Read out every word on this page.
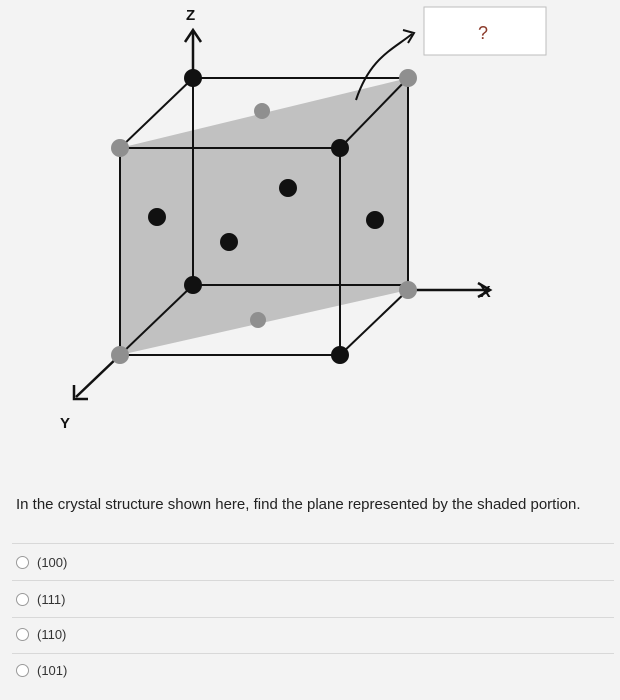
?
Z
X
Y
In the crystal structure shown here, find the plane represented by the shaded portion.
(100)
(111)
(110)
(101)
